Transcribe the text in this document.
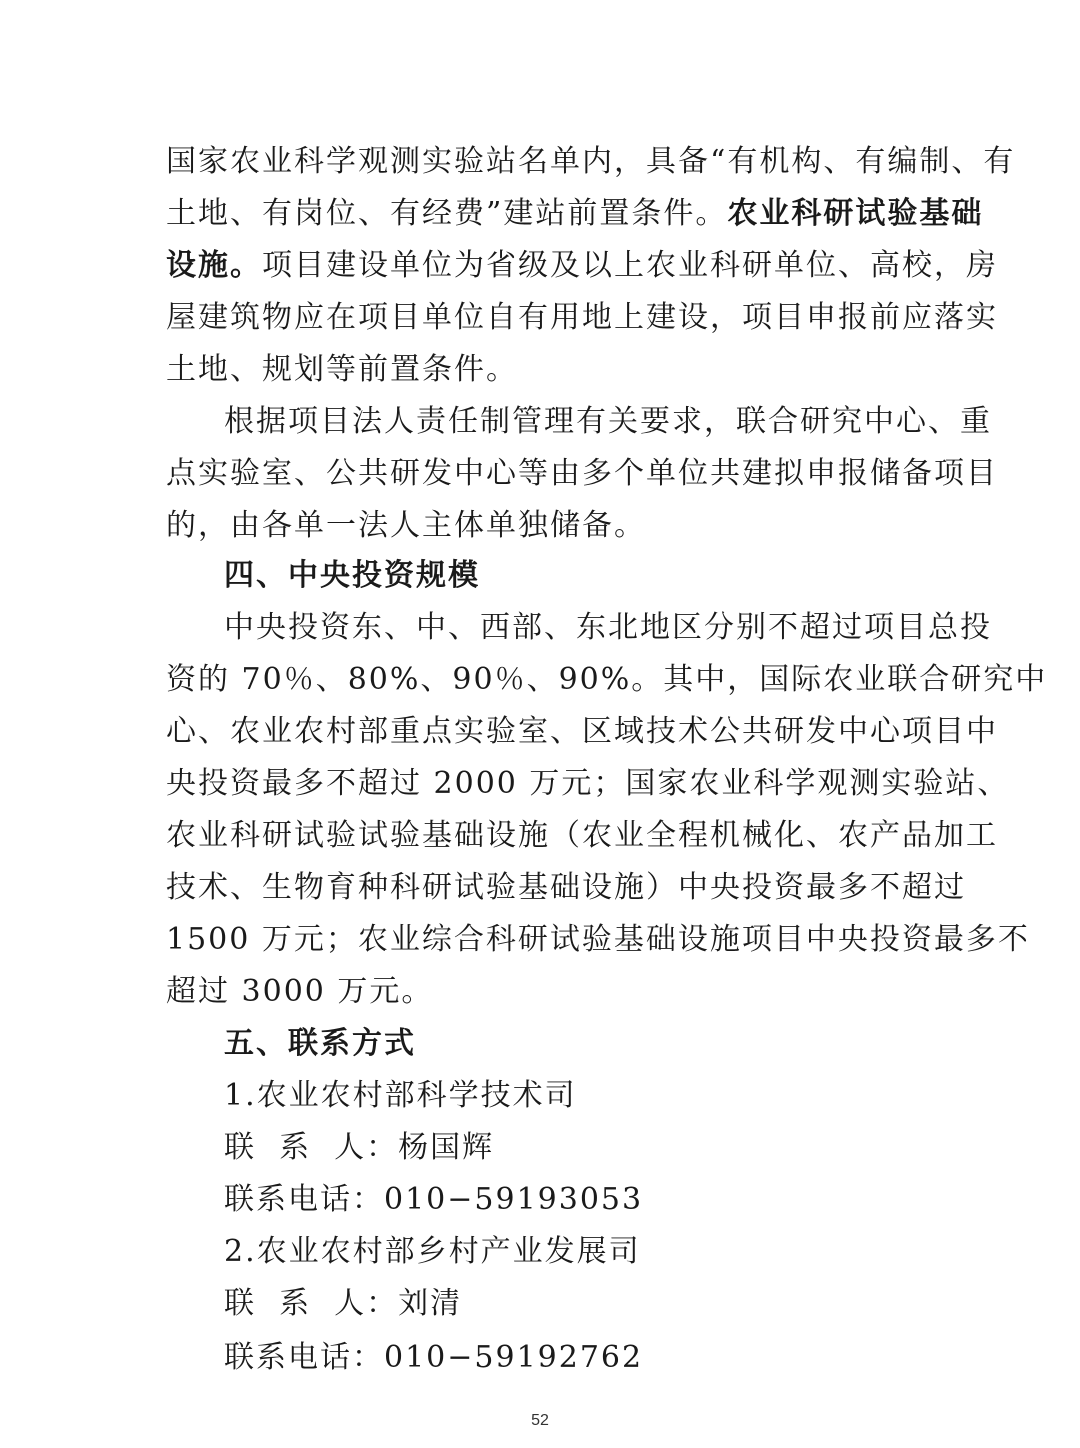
国家农业科学观测实验站名单内，具备“有机构、有编制、有
土地、有岗位、有经费”建站前置条件。农业科研试验基础
设施。项目建设单位为省级及以上农业科研单位、高校，房
屋建筑物应在项目单位自有用地上建设，项目申报前应落实
土地、规划等前置条件。
根据项目法人责任制管理有关要求，联合研究中心、重
点实验室、公共研发中心等由多个单位共建拟申报储备项目
的，由各单一法人主体单独储备。
四、中央投资规模
中央投资东、中、西部、东北地区分别不超过项目总投
资的 70％、80%、90％、90%。其中，国际农业联合研究中
心、农业农村部重点实验室、区域技术公共研发中心项目中
央投资最多不超过 2000 万元；国家农业科学观测实验站、
农业科研试验试验基础设施（农业全程机械化、农产品加工
技术、生物育种科研试验基础设施）中央投资最多不超过
1500 万元；农业综合科研试验基础设施项目中央投资最多不
超过 3000 万元。
五、联系方式
1.农业农村部科学技术司
联  系  人：杨国辉
联系电话：010−59193053
2.农业农村部乡村产业发展司
联  系  人：刘清
联系电话：010−59192762
52
